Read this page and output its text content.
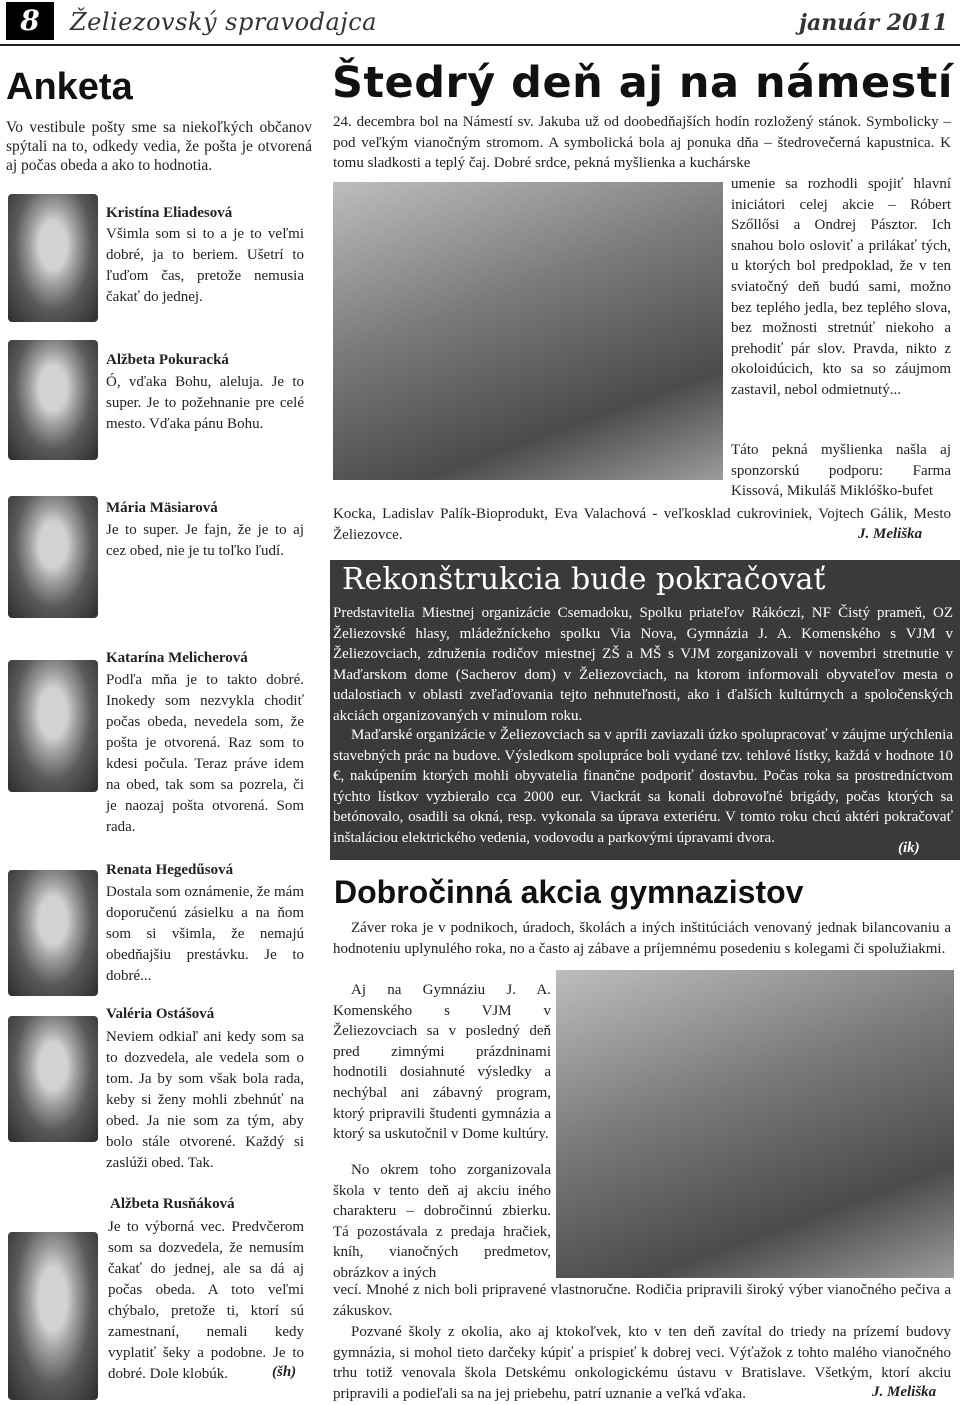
8	Želiezovský spravodajca	január 2011
Anketa
Vo vestibule pošty sme sa niekoľkých občanov spýtali na to, odkedy vedia, že pošta je otvorená aj počas obeda a ako to hodnotia.
Kristína Eliadesová
Všimla som si to a je to veľmi dobré, ja to beriem. Ušetrí to ľuďom čas, pretože nemusia čakať do jednej.
Alžbeta Pokuracká
Ó, vďaka Bohu, aleluja. Je to super. Je to požehnanie pre celé mesto. Vďaka pánu Bohu.
Mária Mäsiarová
Je to super. Je fajn, že je to aj cez obed, nie je tu toľko ľudí.
Katarína Melicherová
Podľa mňa je to takto dobré. Inokedy som nezvykla chodiť počas obeda, nevedela som, že pošta je otvorená. Raz som to kdesi počula. Teraz práve idem na obed, tak som sa pozrela, či je naozaj pošta otvorená. Som rada.
Renata Hegedűsová
Dostala som oznámenie, že mám doporučenú zásielku a na ňom som si všimla, že nemajú obedňajšiu prestávku. Je to dobré...
Valéria Ostášová
Neviem odkiaľ ani kedy som sa to dozvedela, ale vedela som o tom. Ja by som však bola rada, keby si ženy mohli zbehnúť na obed. Ja nie som za tým, aby bolo stále otvorené. Každý si zaslúži obed. Tak.
Alžbeta Rusňáková
Je to výborná vec. Predvčerom som sa dozvedela, že nemusím čakať do jednej, ale sa dá aj počas obeda. A toto veľmi chýbalo, pretože ti, ktorí sú zamestnaní, nemali kedy vyplatiť šeky a podobne. Je to dobré. Dole klobúk.	(šh)
Štedrý deň aj na námestí
24. decembra bol na Námestí sv. Jakuba už od doobedňajších hodín rozložený stánok. Symbolicky – pod veľkým vianočným stromom. A symbolická bola aj ponuka dňa – štedrovečerná kapustnica. K tomu sladkosti a teplý čaj. Dobré srdce, pekná myšlienka a kuchárske
umenie sa rozhodli spojiť hlavní iniciátori celej akcie – Róbert Szőllősi a Ondrej Pásztor. Ich snahou bolo osloviť a prilákať tých, u ktorých bol predpoklad, že v ten sviatočný deň budú sami, možno bez teplého jedla, bez teplého slova, bez možnosti stretnúť niekoho a prehodiť pár slov. Pravda, nikto z okoloidúcich, kto sa so záujmom zastavil, nebol odmietnutý...
Táto pekná myšlienka našla aj sponzorskú podporu: Farma Kissová, Mikuláš Miklóško-bufet
Kocka, Ladislav Palík-Bioprodukt, Eva Valachová - veľkosklad cukroviniek, Vojtech Gálik, Mesto Želiezovce.	J. Meliška
Rekonštrukcia bude pokračovať
Predstavitelia Miestnej organizácie Csemadoku, Spolku priateľov Rákóczi, NF Čistý prameň, OZ Želiezovské hlasy, mládežníckeho spolku Via Nova, Gymnázia J. A. Komenského s VJM v Želiezovciach, združenia rodičov miestnej ZŠ a MŠ s VJM zorganizovali v novembri stretnutie v Maďarskom dome (Sacherov dom) v Želiezovciach, na ktorom informovali obyvateľov mesta o udalostiach v oblasti zveľaďovania tejto nehnuteľnosti, ako i ďalších kultúrnych a spoločenských akciách organizovaných v minulom roku.
Maďarské organizácie v Želiezovciach sa v apríli zaviazali úzko spolupracovať v záujme urýchlenia stavebných prác na budove. Výsledkom spolupráce boli vydané tzv. tehlové lístky, každá v hodnote 10 €, nakúpením ktorých mohli obyvatelia finančne podporiť dostavbu. Počas roka sa prostredníctvom týchto lístkov vyzbieralo cca 2000 eur. Viackrát sa konali dobrovoľné brigády, počas ktorých sa betónovalo, osadili sa okná, resp. vykonala sa úprava exteriéru. V tomto roku chcú aktéri pokračovať inštaláciou elektrického vedenia, vodovodu a parkovými úpravami dvora.
(ik)
Dobročinná akcia gymnazistov
Záver roka je v podnikoch, úradoch, školách a iných inštitúciách venovaný jednak bilancovaniu a hodnoteniu uplynulého roka, no a často aj zábave a príjemnému posedeniu s kolegami či spolužiakmi.
Aj na Gymnáziu J. A. Komenského s VJM v Želiezovciach sa v posledný deň pred zimnými prázdninami hodnotili dosiahnuté výsledky a nechýbal ani zábavný program, ktorý pripravili študenti gymnázia a ktorý sa uskutočnil v Dome kultúry.
No okrem toho zorganizovala škola v tento deň aj akciu iného charakteru – dobročinnú zbierku. Tá pozostávala z predaja hračiek, kníh, vianočných predmetov, obrázkov a iných
vecí. Mnohé z nich boli pripravené vlastnoručne. Rodičia pripravili široký výber vianočného pečiva a zákuskov.
Pozvané školy z okolia, ako aj ktokoľvek, kto v ten deň zavítal do triedy na prízemí budovy gymnázia, si mohol tieto darčeky kúpiť a prispieť k dobrej veci. Výťažok z tohto malého vianočného trhu totiž venovala škola Detskému onkologickému ústavu v Bratislave. Všetkým, ktorí akciu pripravili a podieľali sa na jej priebehu, patrí uznanie a veľká vďaka.	J. Meliška
